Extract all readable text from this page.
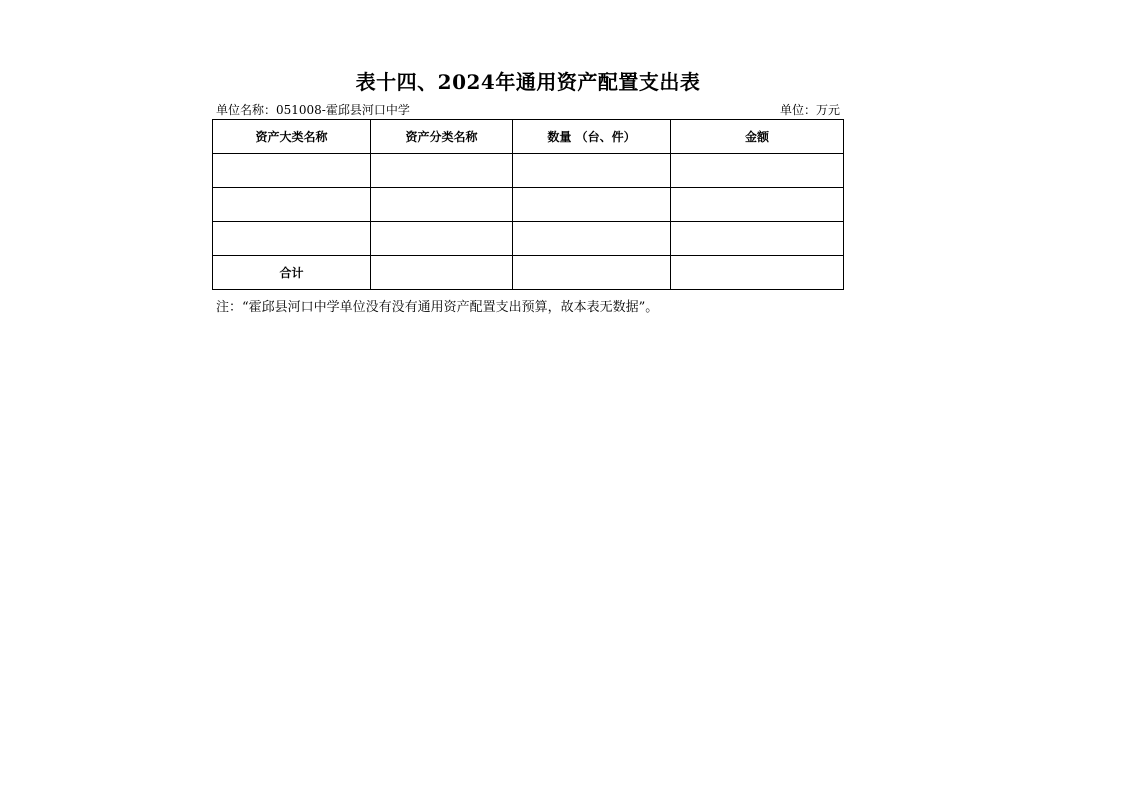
表十四、2024年通用资产配置支出表
单位名称：051008-霍邱县河口中学	单位：万元
资产大类名称	资产分类名称	数量 （台、件）	金额

合计			
注：“霍邱县河口中学单位没有没有通用资产配置支出预算，故本表无数据”。
